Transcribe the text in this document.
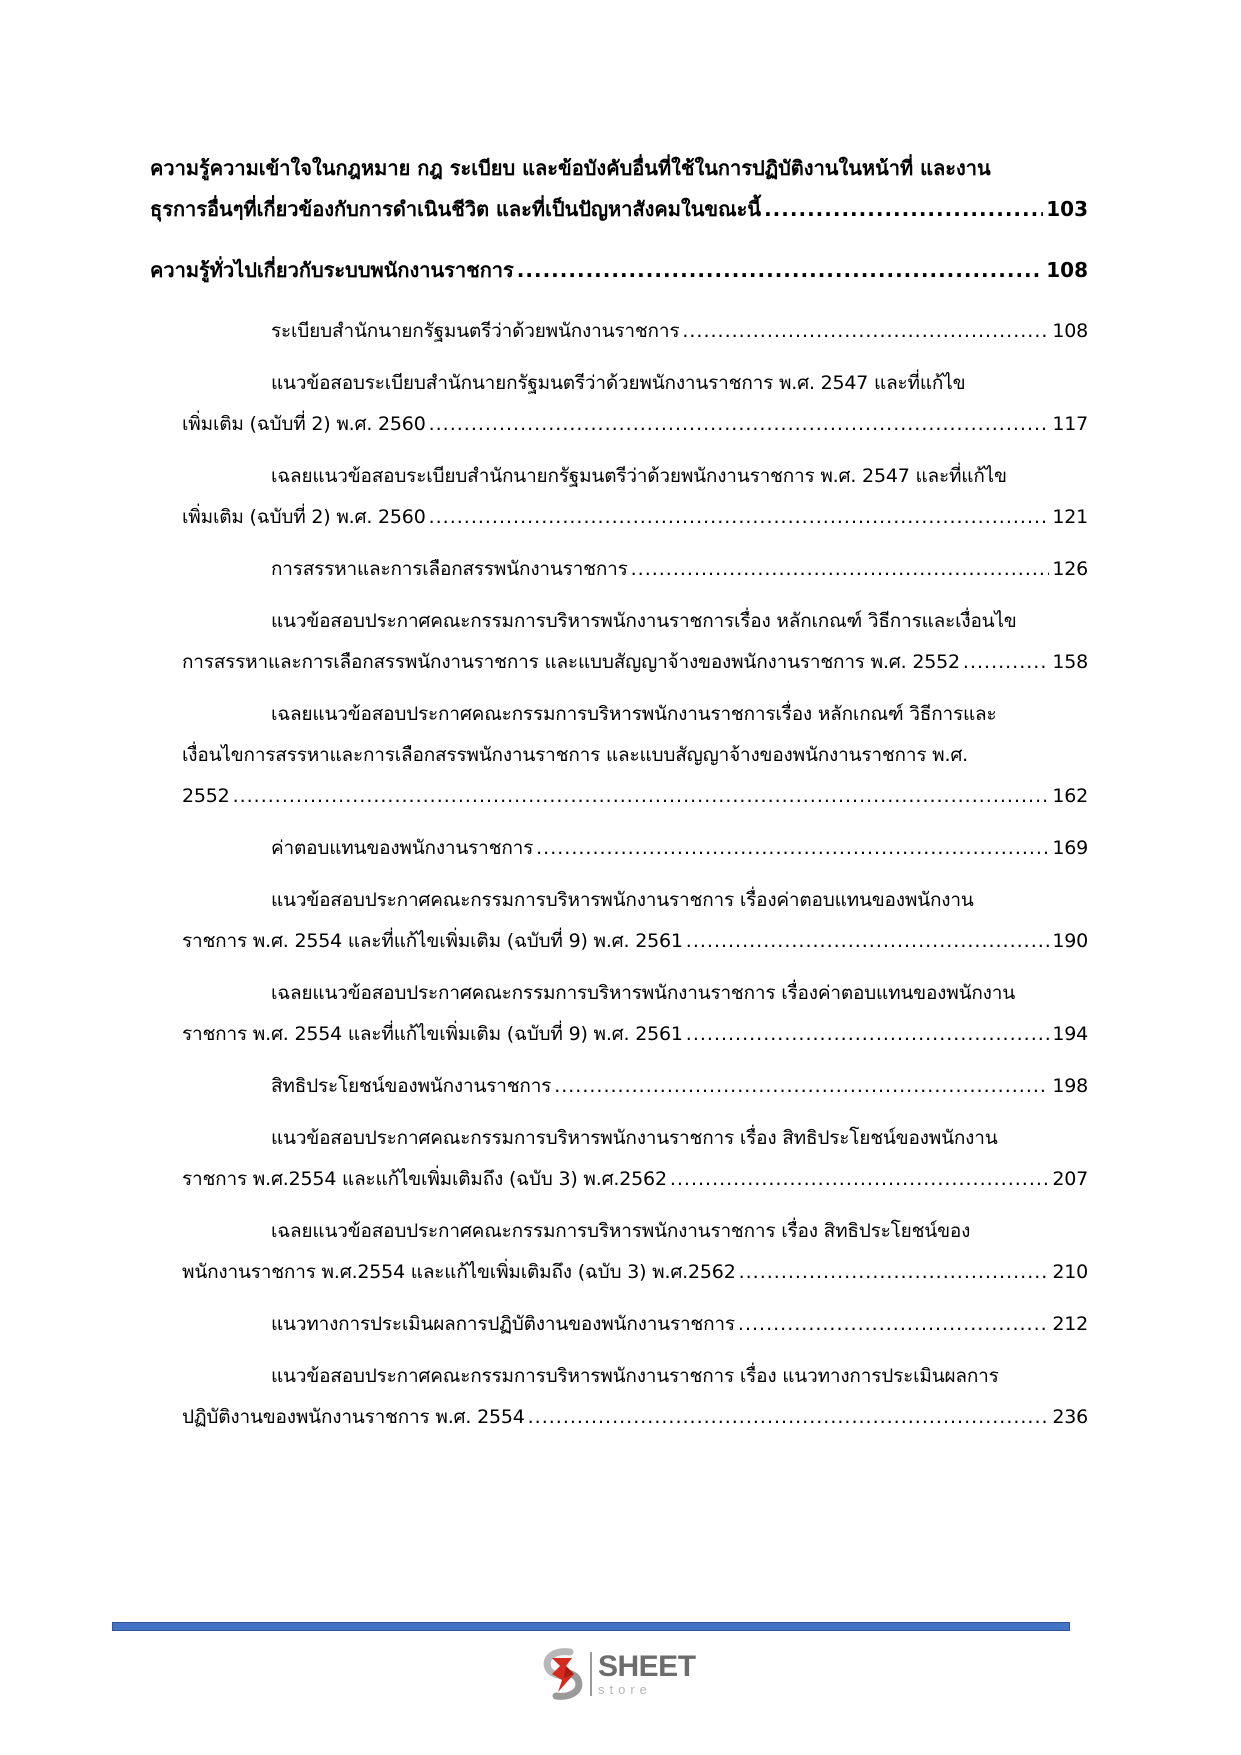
ความรู้ความเข้าใจในกฎหมาย กฎ ระเบียบ และข้อบังคับอื่นที่ใช้ในการปฏิบัติงานในหน้าที่ และงาน
ธุรการอื่นๆที่เกี่ยวข้องกับการดำเนินชีวิต และที่เป็นปัญหาสังคมในขณะนี้ .....	103
ความรู้ทั่วไปเกี่ยวกับระบบพนักงานราชการ .....	108
ระเบียบสำนักนายกรัฐมนตรีว่าด้วยพนักงานราชการ .....	108
แนวข้อสอบระเบียบสำนักนายกรัฐมนตรีว่าด้วยพนักงานราชการ พ.ศ. 2547 และที่แก้ไข
เพิ่มเติม (ฉบับที่ 2) พ.ศ. 2560 .....	117
เฉลยแนวข้อสอบระเบียบสำนักนายกรัฐมนตรีว่าด้วยพนักงานราชการ พ.ศ. 2547 และที่แก้ไข
เพิ่มเติม (ฉบับที่ 2) พ.ศ. 2560 .....	121
การสรรหาและการเลือกสรรพนักงานราชการ .....	126
แนวข้อสอบประกาศคณะกรรมการบริหารพนักงานราชการเรื่อง หลักเกณฑ์ วิธีการและเงื่อนไข
การสรรหาและการเลือกสรรพนักงานราชการ และแบบสัญญาจ้างของพนักงานราชการ พ.ศ. 2552 .....	158
เฉลยแนวข้อสอบประกาศคณะกรรมการบริหารพนักงานราชการเรื่อง หลักเกณฑ์ วิธีการและ
เงื่อนไขการสรรหาและการเลือกสรรพนักงานราชการ และแบบสัญญาจ้างของพนักงานราชการ พ.ศ.
2552 .....	162
ค่าตอบแทนของพนักงานราชการ .....	169
แนวข้อสอบประกาศคณะกรรมการบริหารพนักงานราชการ เรื่องค่าตอบแทนของพนักงาน
ราชการ พ.ศ. 2554 และที่แก้ไขเพิ่มเติม (ฉบับที่ 9) พ.ศ. 2561 .....	190
เฉลยแนวข้อสอบประกาศคณะกรรมการบริหารพนักงานราชการ เรื่องค่าตอบแทนของพนักงาน
ราชการ พ.ศ. 2554 และที่แก้ไขเพิ่มเติม (ฉบับที่ 9) พ.ศ. 2561 .....	194
สิทธิประโยชน์ของพนักงานราชการ .....	198
แนวข้อสอบประกาศคณะกรรมการบริหารพนักงานราชการ เรื่อง สิทธิประโยชน์ของพนักงาน
ราชการ พ.ศ.2554 และแก้ไขเพิ่มเติมถึง (ฉบับ 3) พ.ศ.2562 .....	207
เฉลยแนวข้อสอบประกาศคณะกรรมการบริหารพนักงานราชการ เรื่อง สิทธิประโยชน์ของ
พนักงานราชการ พ.ศ.2554 และแก้ไขเพิ่มเติมถึง (ฉบับ 3) พ.ศ.2562 .....	210
แนวทางการประเมินผลการปฏิบัติงานของพนักงานราชการ .....	212
แนวข้อสอบประกาศคณะกรรมการบริหารพนักงานราชการ เรื่อง แนวทางการประเมินผลการ
ปฏิบัติงานของพนักงานราชการ พ.ศ. 2554 .....	236
SHEET
store
